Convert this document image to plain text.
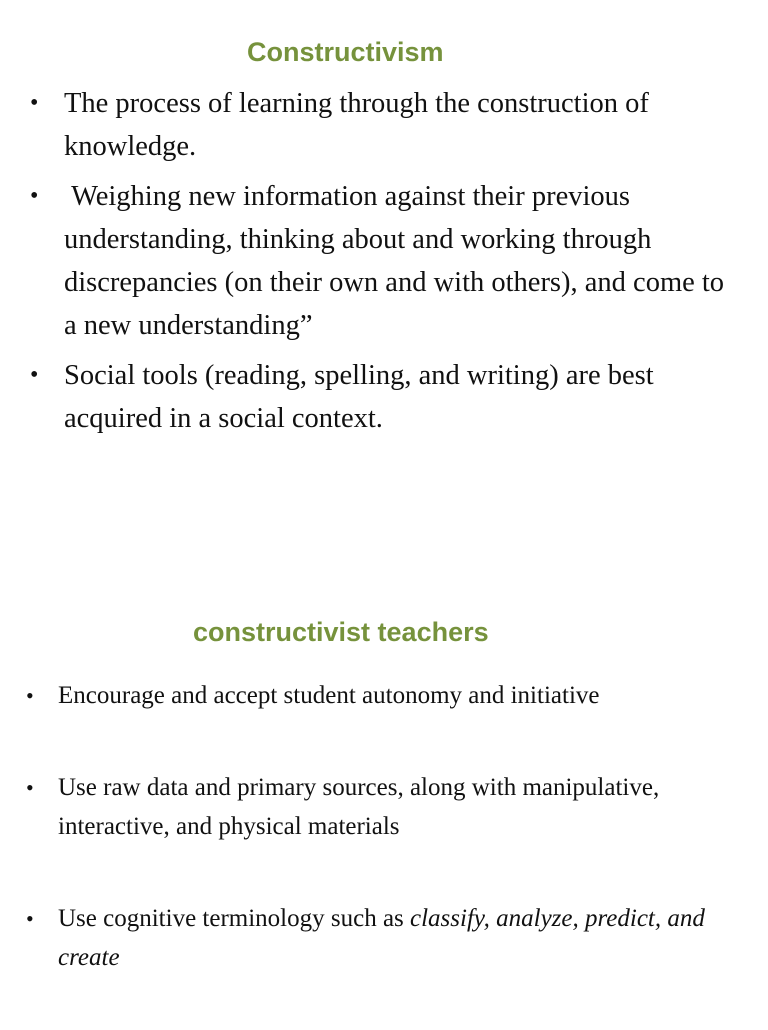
Constructivism
• The process of learning through the construction of knowledge.
• Weighing new information against their previous understanding, thinking about and working through discrepancies (on their own and with others), and come to a new understanding”
• Social tools (reading, spelling, and writing) are best acquired in a social context.
constructivist teachers
• Encourage and accept student autonomy and initiative
• Use raw data and primary sources, along with manipulative, interactive, and physical materials
• Use cognitive terminology such as classify, analyze, predict, and create
